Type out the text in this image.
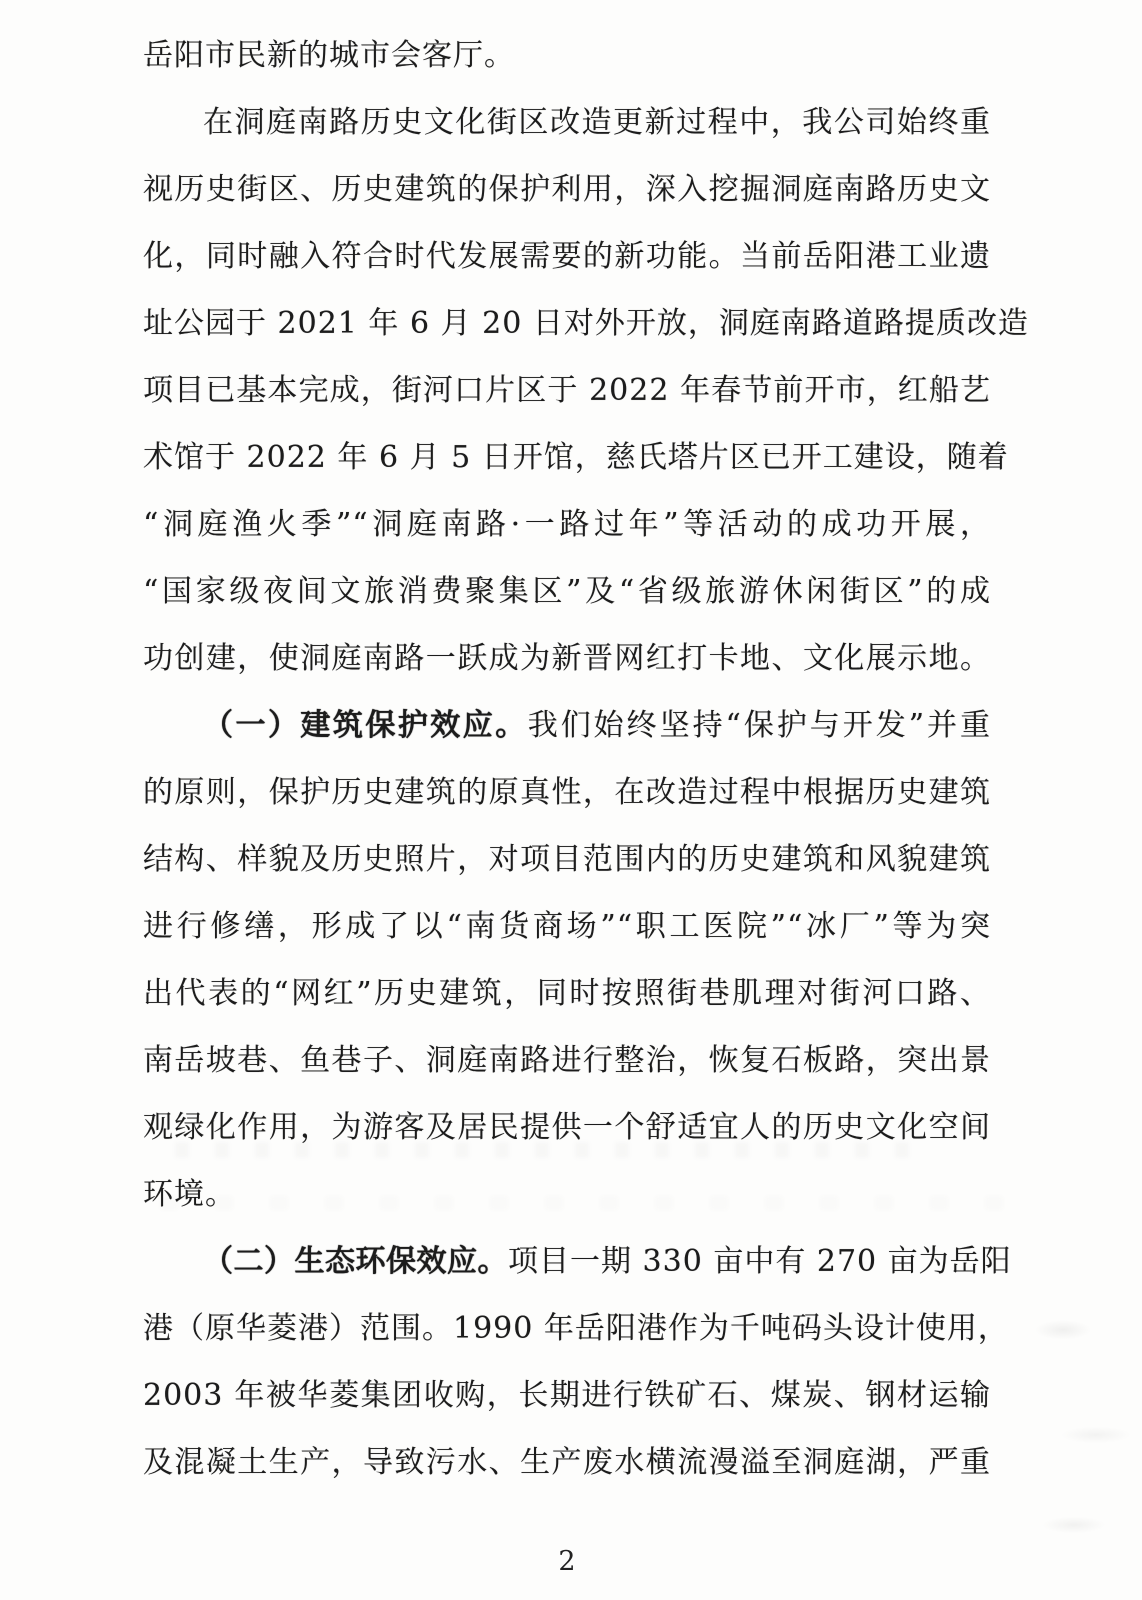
岳阳市民新的城市会客厅。
在洞庭南路历史文化街区改造更新过程中，我公司始终重
视历史街区、历史建筑的保护利用，深入挖掘洞庭南路历史文
化，同时融入符合时代发展需要的新功能。当前岳阳港工业遗
址公园于 2021 年 6 月 20 日对外开放，洞庭南路道路提质改造
项目已基本完成，街河口片区于 2022 年春节前开市，红船艺
术馆于 2022 年 6 月 5 日开馆，慈氏塔片区已开工建设，随着
“洞庭渔火季”“洞庭南路·一路过年”等活动的成功开展，
“国家级夜间文旅消费聚集区”及“省级旅游休闲街区”的成
功创建，使洞庭南路一跃成为新晋网红打卡地、文化展示地。
（一）建筑保护效应。我们始终坚持“保护与开发”并重
的原则，保护历史建筑的原真性，在改造过程中根据历史建筑
结构、样貌及历史照片，对项目范围内的历史建筑和风貌建筑
进行修缮，形成了以“南货商场”“职工医院”“冰厂”等为突
出代表的“网红”历史建筑，同时按照街巷肌理对街河口路、
南岳坡巷、鱼巷子、洞庭南路进行整治，恢复石板路，突出景
观绿化作用，为游客及居民提供一个舒适宜人的历史文化空间
环境。
（二）生态环保效应。项目一期 330 亩中有 270 亩为岳阳
港（原华菱港）范围。1990 年岳阳港作为千吨码头设计使用，
2003 年被华菱集团收购，长期进行铁矿石、煤炭、钢材运输
及混凝土生产，导致污水、生产废水横流漫溢至洞庭湖，严重
2
